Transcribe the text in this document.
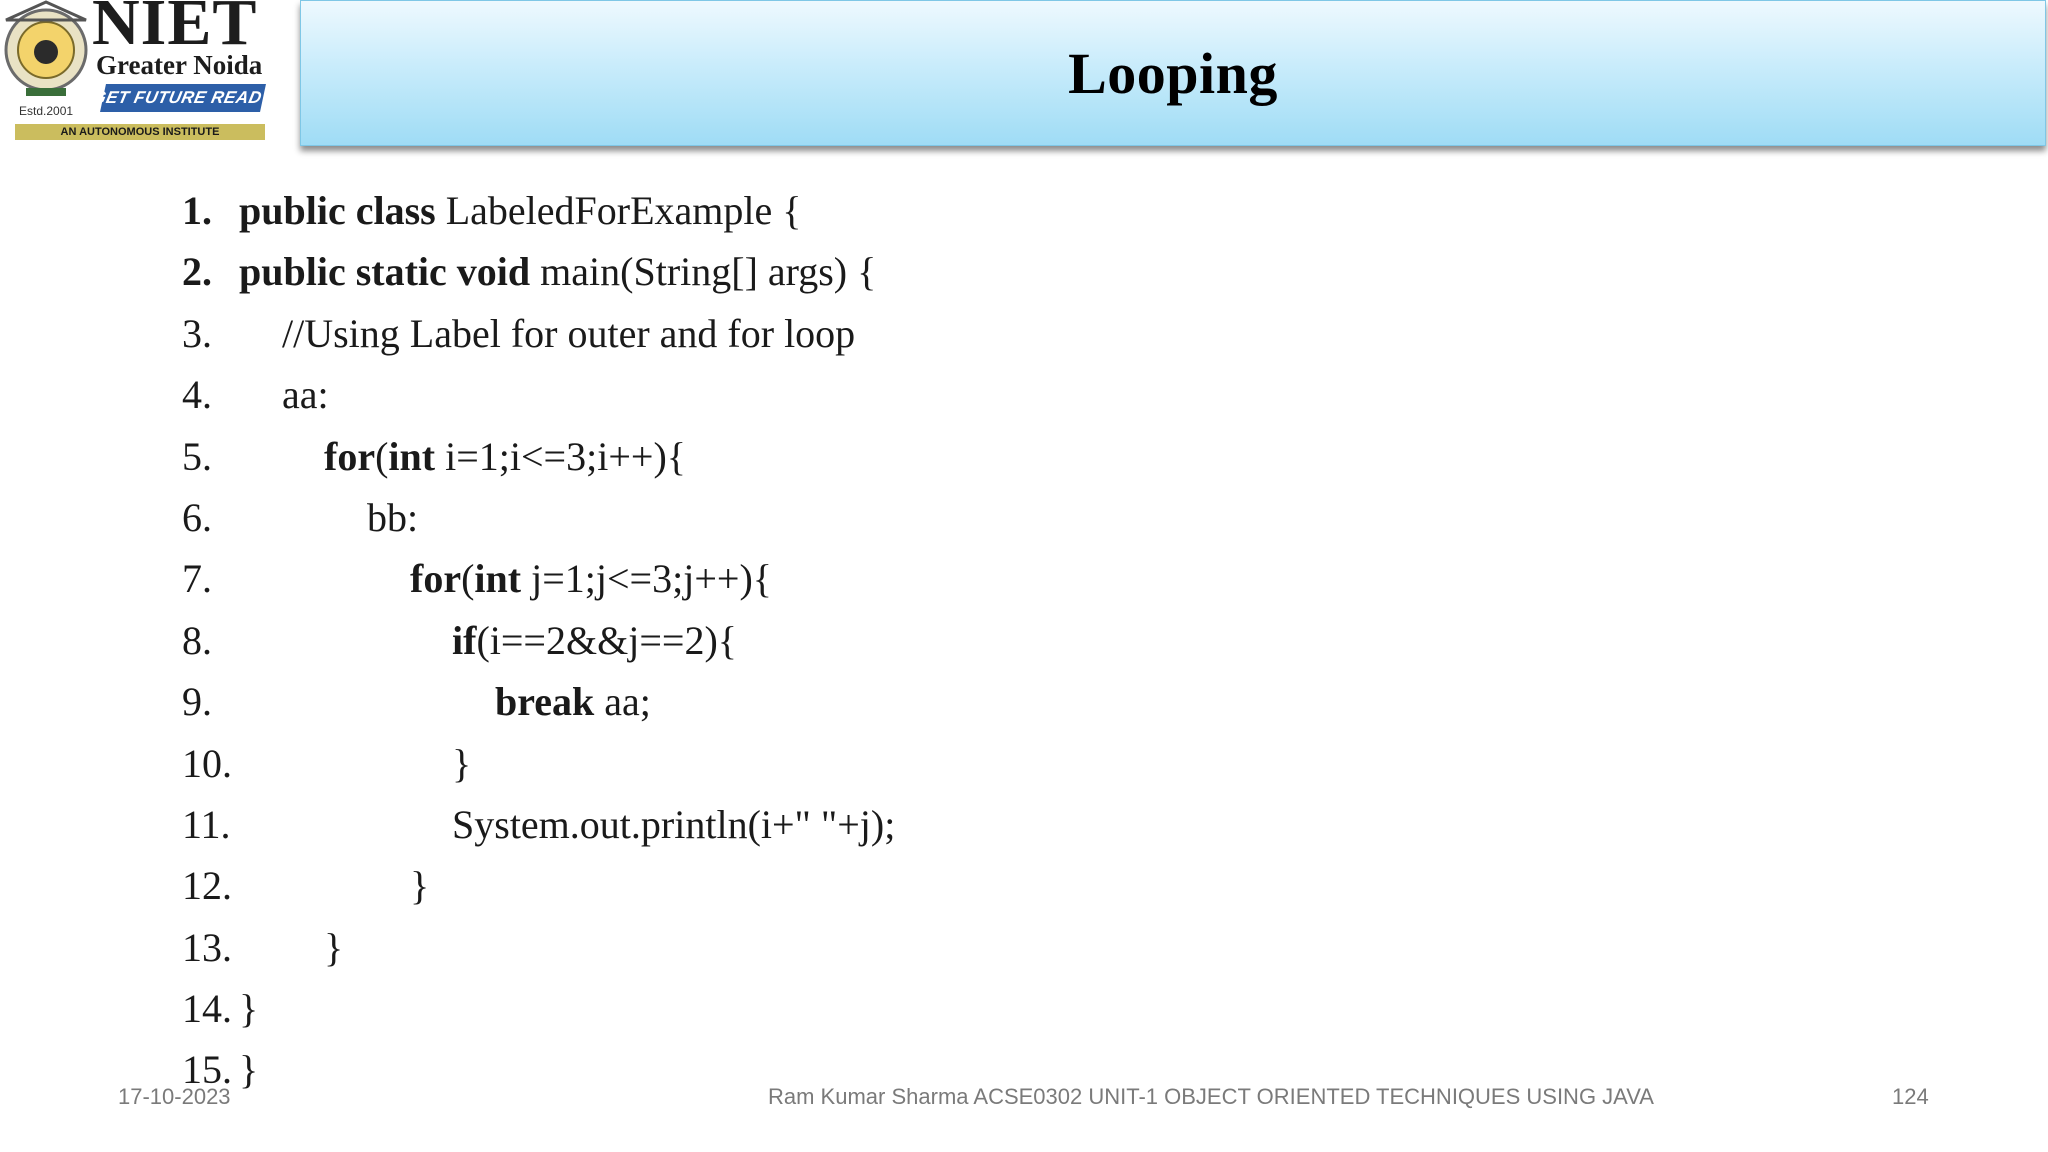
NIET
Greater Noida
Estd.2001
GET FUTURE READY
AN AUTONOMOUS INSTITUTE
Looping
1. public class LabeledForExample {
2. public static void main(String[] args) {
3. //Using Label for outer and for loop
4. aa:
5.	for(int i=1;i<=3;i++){
6.	bb:
7.	for(int j=1;j<=3;j++){
8.	if(i==2&&j==2){
9.	break aa;
10.	}
11.	System.out.println(i+" "+j);
12.	}
13. }
14. }
15. }
17-10-2023	Ram Kumar Sharma ACSE0302 UNIT-1 OBJECT ORIENTED TECHNIQUES USING JAVA	124
